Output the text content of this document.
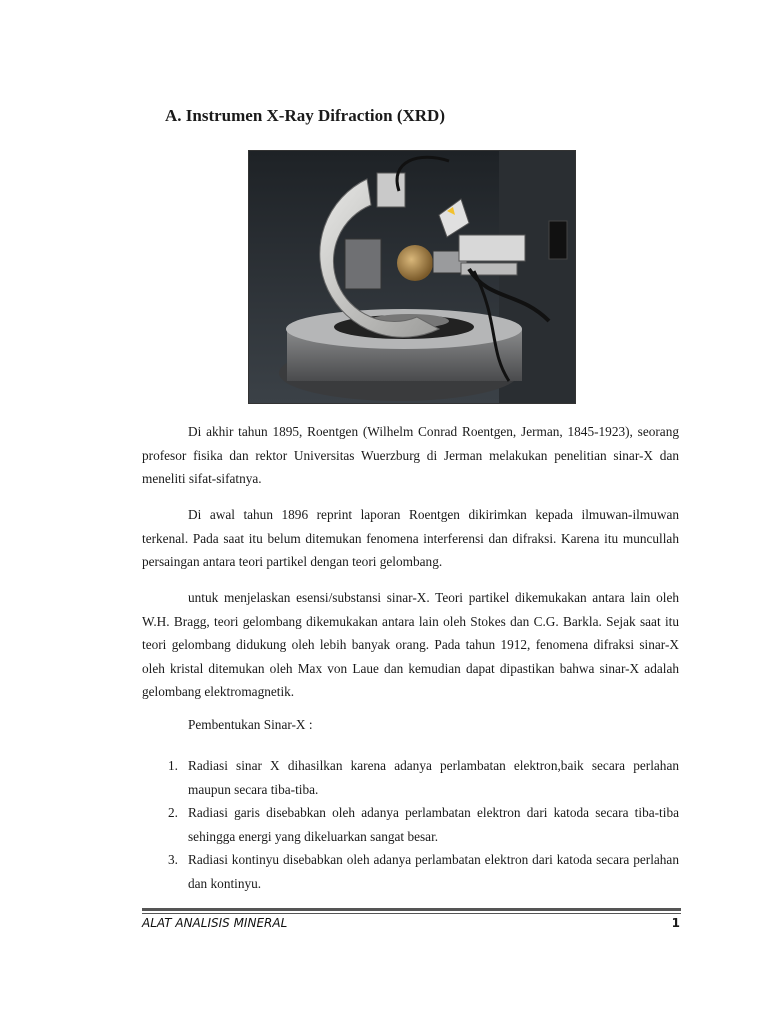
A. Instrumen X-Ray Difraction (XRD)

Di akhir tahun 1895, Roentgen (Wilhelm Conrad Roentgen, Jerman, 1845-1923), seorang profesor fisika dan rektor Universitas Wuerzburg di Jerman melakukan penelitian sinar-X dan meneliti sifat-sifatnya.

Di awal tahun 1896 reprint laporan Roentgen dikirimkan kepada ilmuwan-ilmuwan terkenal. Pada saat itu belum ditemukan fenomena interferensi dan difraksi. Karena itu muncullah persaingan antara teori partikel dengan teori gelombang.

untuk menjelaskan esensi/substansi sinar-X. Teori partikel dikemukakan antara lain oleh W.H. Bragg, teori gelombang dikemukakan antara lain oleh Stokes dan C.G. Barkla. Sejak saat itu teori gelombang didukung oleh lebih banyak orang. Pada tahun 1912, fenomena difraksi sinar-X oleh kristal ditemukan oleh Max von Laue dan kemudian dapat dipastikan bahwa sinar-X adalah gelombang elektromagnetik.

Pembentukan Sinar-X :

1. Radiasi sinar X dihasilkan karena adanya perlambatan elektron,baik secara perlahan maupun secara tiba-tiba.
2. Radiasi garis disebabkan oleh adanya perlambatan elektron dari katoda secara tiba-tiba sehingga energi yang dikeluarkan sangat besar.
3. Radiasi kontinyu disebabkan oleh adanya perlambatan elektron dari katoda secara perlahan dan kontinyu.
ALAT ANALISIS MINERAL	1
